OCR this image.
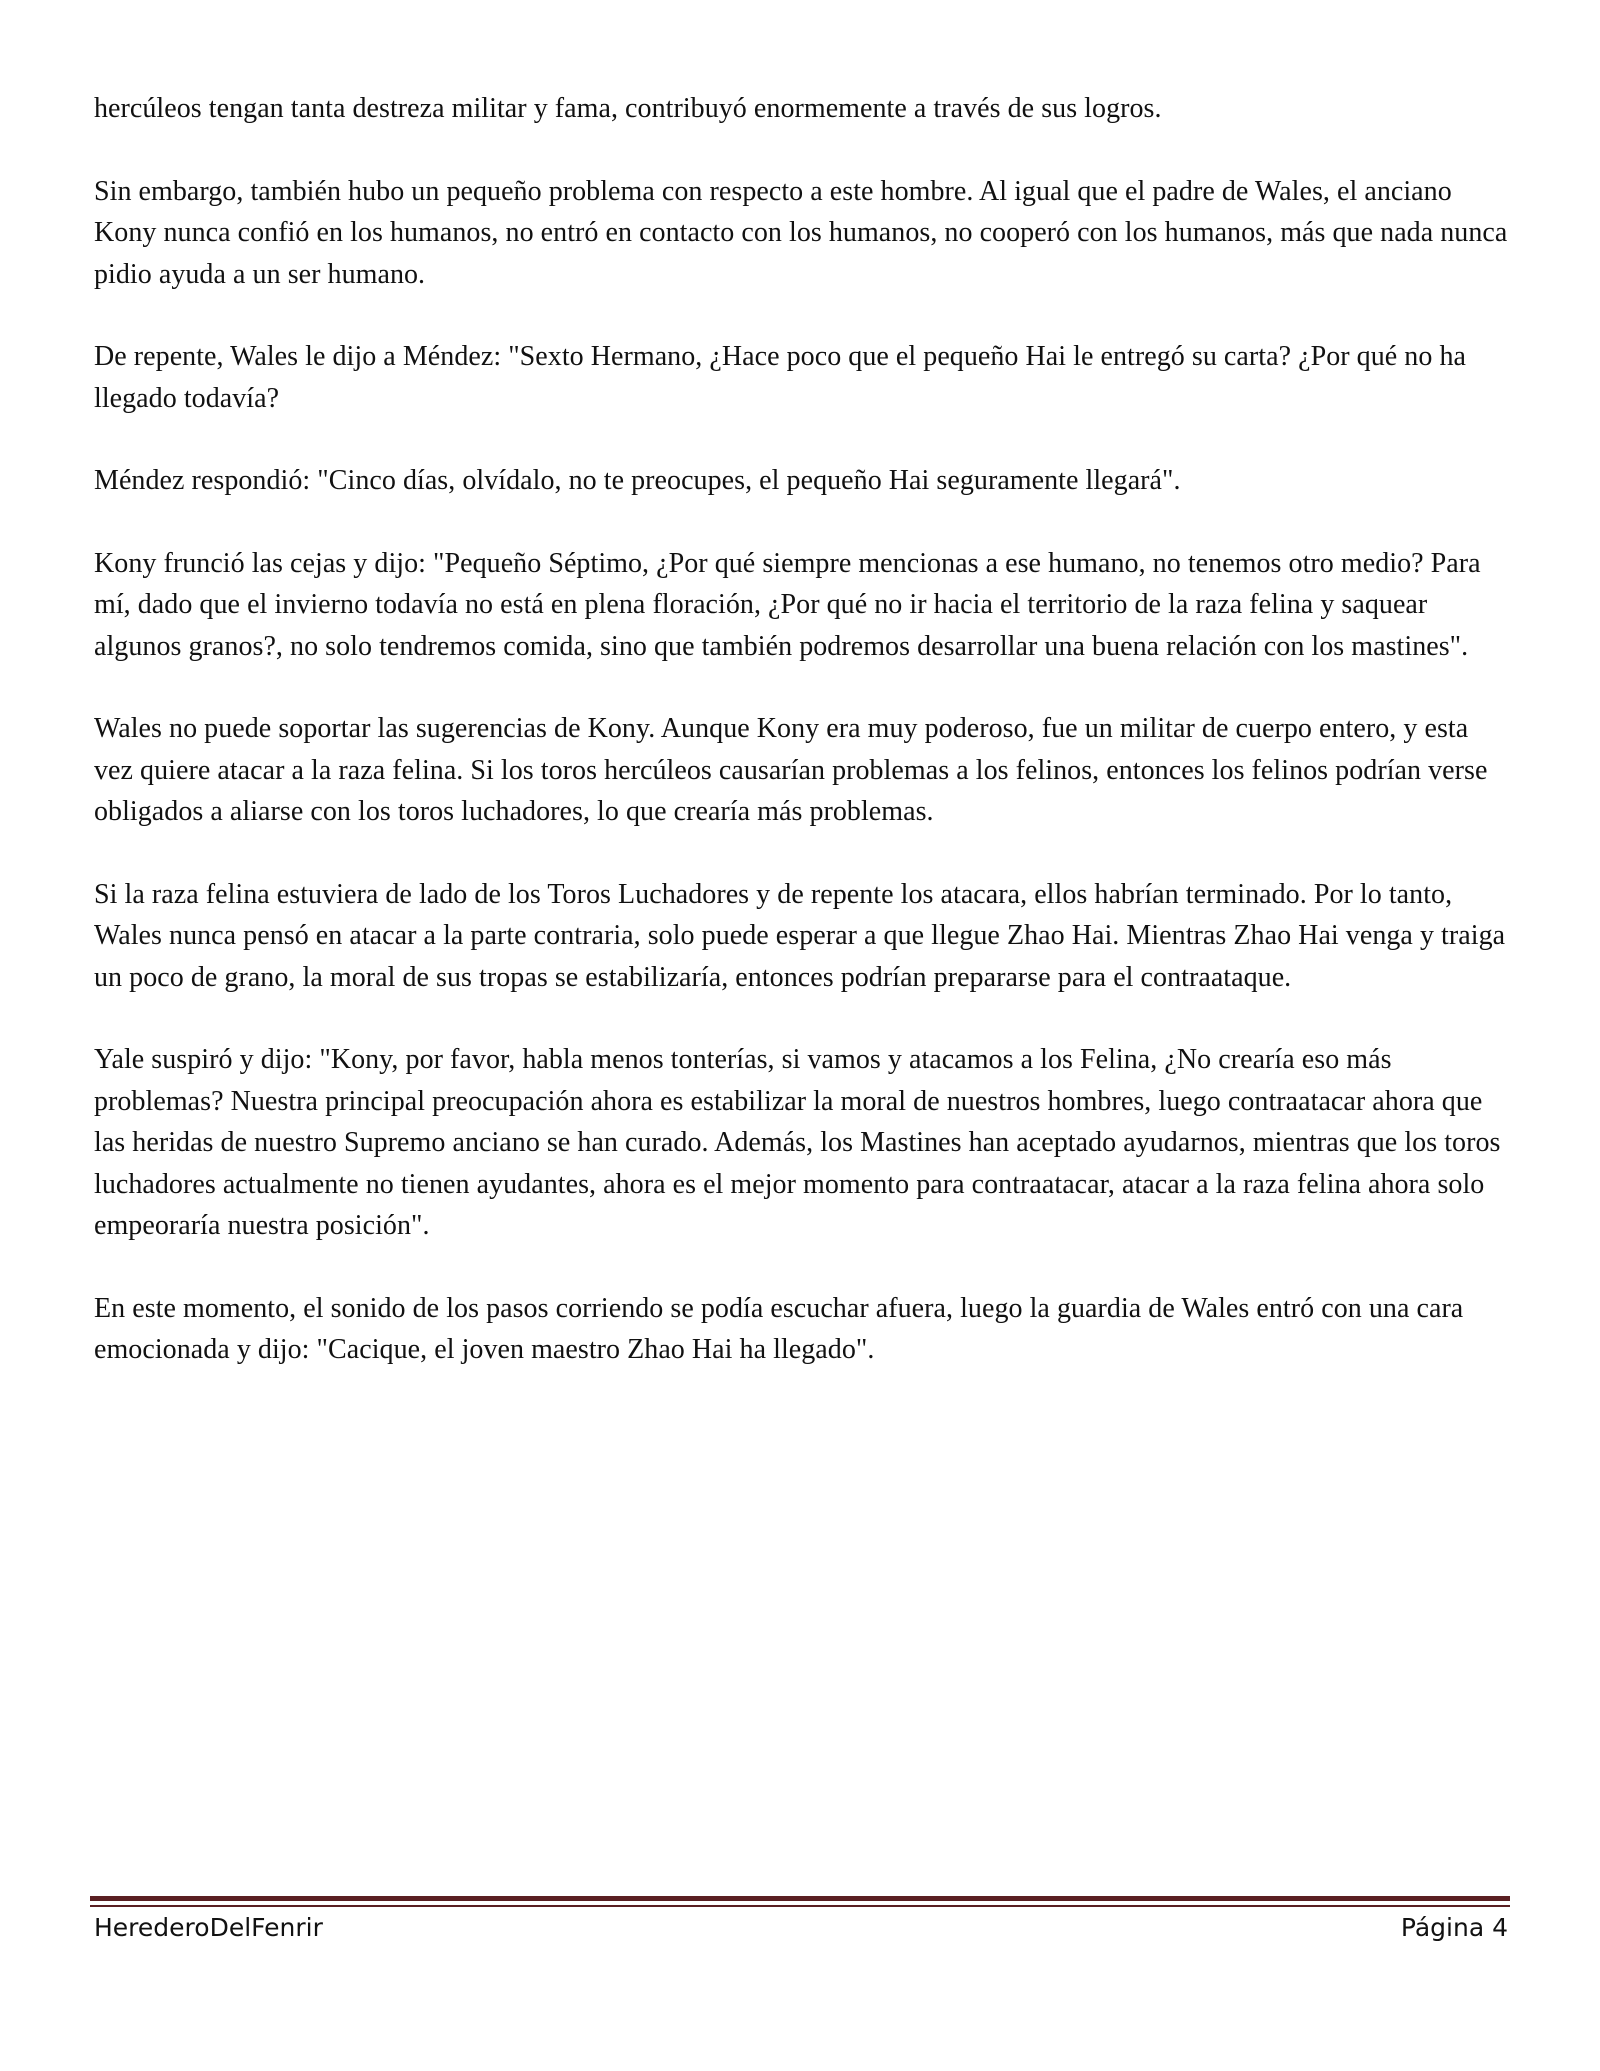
hercúleos tengan tanta destreza militar y fama, contribuyó enormemente a través de sus logros.

Sin embargo, también hubo un pequeño problema con respecto a este hombre. Al igual que el padre de Wales, el anciano Kony nunca confió en los humanos, no entró en contacto con los humanos, no cooperó con los humanos, más que nada nunca pidio ayuda a un ser humano.

De repente, Wales le dijo a Méndez: "Sexto Hermano, ¿Hace poco que el pequeño Hai le entregó su carta? ¿Por qué no ha llegado todavía?

Méndez respondió: "Cinco días, olvídalo, no te preocupes, el pequeño Hai seguramente llegará".

Kony frunció las cejas y dijo: "Pequeño Séptimo, ¿Por qué siempre mencionas a ese humano, no tenemos otro medio? Para mí, dado que el invierno todavía no está en plena floración, ¿Por qué no ir hacia el territorio de la raza felina y saquear algunos granos?, no solo tendremos comida, sino que también podremos desarrollar una buena relación con los mastines".

Wales no puede soportar las sugerencias de Kony. Aunque Kony era muy poderoso, fue un militar de cuerpo entero, y esta vez quiere atacar a la raza felina. Si los toros hercúleos causarían problemas a los felinos, entonces los felinos podrían verse obligados a aliarse con los toros luchadores, lo que crearía más problemas.

Si la raza felina estuviera de lado de los Toros Luchadores y de repente los atacara, ellos habrían terminado. Por lo tanto, Wales nunca pensó en atacar a la parte contraria, solo puede esperar a que llegue Zhao Hai. Mientras Zhao Hai venga y traiga un poco de grano, la moral de sus tropas se estabilizaría, entonces podrían prepararse para el contraataque.

Yale suspiró y dijo: "Kony, por favor, habla menos tonterías, si vamos y atacamos a los Felina, ¿No crearía eso más problemas? Nuestra principal preocupación ahora es estabilizar la moral de nuestros hombres, luego contraatacar ahora que las heridas de nuestro Supremo anciano se han curado. Además, los Mastines han aceptado ayudarnos, mientras que los toros luchadores actualmente no tienen ayudantes, ahora es el mejor momento para contraatacar, atacar a la raza felina ahora solo empeoraría nuestra posición".

En este momento, el sonido de los pasos corriendo se podía escuchar afuera, luego la guardia de Wales entró con una cara emocionada y dijo: "Cacique, el joven maestro Zhao Hai ha llegado".

HerederoDelFenrir	Página 4
